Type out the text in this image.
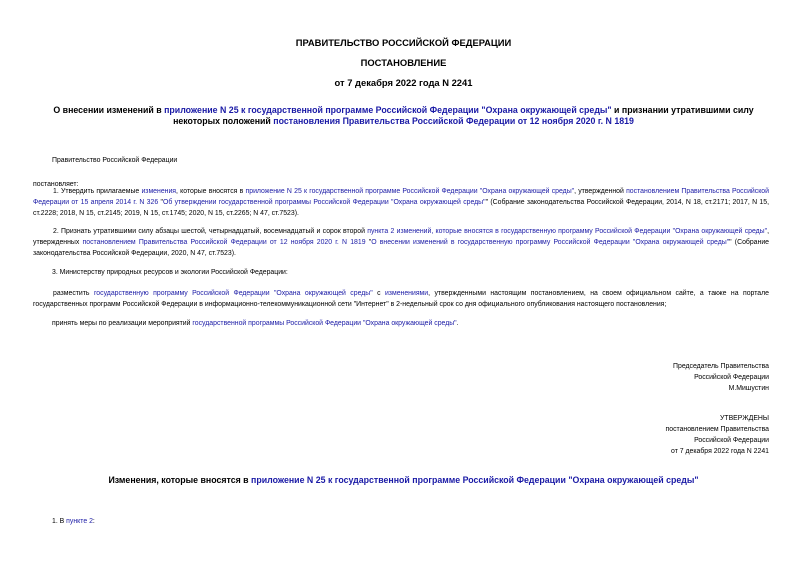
ПРАВИТЕЛЬСТВО РОССИЙСКОЙ ФЕДЕРАЦИИ
ПОСТАНОВЛЕНИЕ
от 7 декабря 2022 года N 2241
О внесении изменений в приложение N 25 к государственной программе Российской Федерации "Охрана окружающей среды" и признании утратившими силу некоторых положений постановления Правительства Российской Федерации от 12 ноября 2020 г. N 1819
Правительство Российской Федерации
постановляет:
1. Утвердить прилагаемые изменения, которые вносятся в приложение N 25 к государственной программе Российской Федерации "Охрана окружающей среды", утвержденной постановлением Правительства Российской Федерации от 15 апреля 2014 г. N 326 "Об утверждении государственной программы Российской Федерации "Охрана окружающей среды"" (Собрание законодательства Российской Федерации, 2014, N 18, ст.2171; 2017, N 15, ст.2228; 2018, N 15, ст.2145; 2019, N 15, ст.1745; 2020, N 15, ст.2265; N 47, ст.7523).
2. Признать утратившими силу абзацы шестой, четырнадцатый, восемнадцатый и сорок второй пункта 2 изменений, которые вносятся в государственную программу Российской Федерации "Охрана окружающей среды", утвержденных постановлением Правительства Российской Федерации от 12 ноября 2020 г. N 1819 "О внесении изменений в государственную программу Российской Федерации "Охрана окружающей среды"" (Собрание законодательства Российской Федерации, 2020, N 47, ст.7523).
3. Министерству природных ресурсов и экологии Российской Федерации:
разместить государственную программу Российской Федерации "Охрана окружающей среды" с изменениями, утвержденными настоящим постановлением, на своем официальном сайте, а также на портале государственных программ Российской Федерации в информационно-телекоммуникационной сети "Интернет" в 2-недельный срок со дня официального опубликования настоящего постановления;
принять меры по реализации мероприятий государственной программы Российской Федерации "Охрана окружающей среды".
Председатель Правительства
Российской Федерации
М.Мишустин
УТВЕРЖДЕНЫ
постановлением Правительства
Российской Федерации
от 7 декабря 2022 года N 2241
Изменения, которые вносятся в приложение N 25 к государственной программе Российской Федерации "Охрана окружающей среды"
1. В пункте 2:
